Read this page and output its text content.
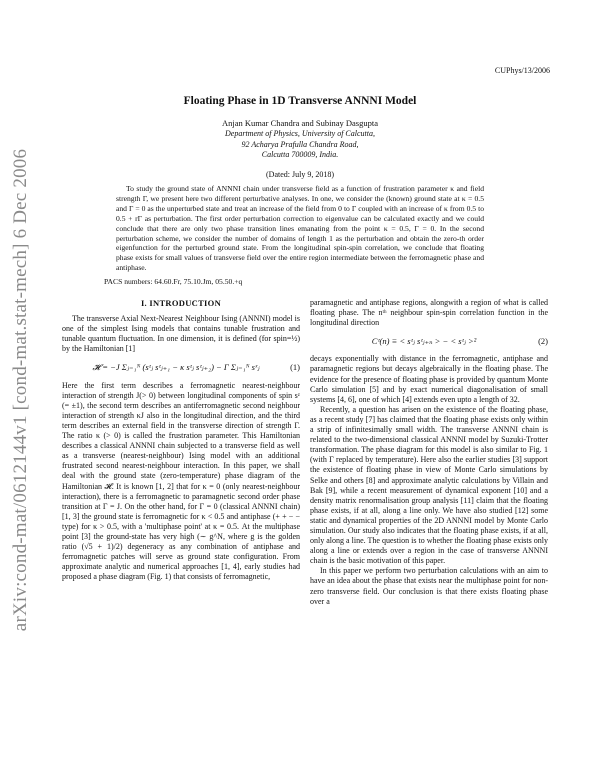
arXiv:cond-mat/0612144v1 [cond-mat.stat-mech] 6 Dec 2006
CUPhys/13/2006
Floating Phase in 1D Transverse ANNNI Model
Anjan Kumar Chandra and Subinay Dasgupta
Department of Physics, University of Calcutta,
92 Acharya Prafulla Chandra Road,
Calcutta 700009, India.
(Dated: July 9, 2018)

To study the ground state of ANNNI chain under transverse field as a function of frustration parameter κ and field strength Γ, we present here two different perturbative analyses. In one, we consider the (known) ground state at κ = 0.5 and Γ = 0 as the unperturbed state and treat an increase of the field from 0 to Γ coupled with an increase of κ from 0.5 to 0.5 + rΓ as perturbation. The first order perturbation correction to eigenvalue can be calculated exactly and we could conclude that there are only two phase transition lines emanating from the point κ = 0.5, Γ = 0. In the second perturbation scheme, we consider the number of domains of length 1 as the perturbation and obtain the zero-th order eigenfunction for the perturbed ground state. From the longitudinal spin-spin correlation, we conclude that floating phase exists for small values of transverse field over the entire region intermediate between the ferromagnetic phase and antiphase.

PACS numbers: 64.60.Fr, 75.10.Jm, 05.50.+q
I. INTRODUCTION

The transverse Axial Next-Nearest Neighbour Ising (ANNNI) model is one of the simplest Ising models that contains tunable frustration and tunable quantum fluctuation. In one dimension, it is defined (for spin=½) by the Hamiltonian [1]

𝓗 = −J Σⱼ₌₁ᴺ (sᶻⱼ sᶻⱼ₊₁ − κ sᶻⱼ sᶻⱼ₊₂) − Γ Σⱼ₌₁ᴺ sˣⱼ	(1)

Here the first term describes a ferromagnetic nearest-neighbour interaction of strength J(> 0) between longitudinal components of spin sᶻ (= ±1), the second term describes an antiferromagnetic second neighbour interaction of strength κJ also in the longitudinal direction, and the third term describes an external field in the transverse direction of strength Γ. The ratio κ (> 0) is called the frustration parameter. This Hamiltonian describes a classical ANNNI chain subjected to a transverse field as well as a transverse (nearest-neighbour) Ising model with an additional frustrated second nearest-neighbour interaction. In this paper, we shall deal with the ground state (zero-temperature) phase diagram of the Hamiltonian 𝓗. It is known [1, 2] that for κ = 0 (only nearest-neighbour interaction), there is a ferromagnetic to paramagnetic second order phase transition at Γ = J. On the other hand, for Γ = 0 (classical ANNNI chain) [1, 3] the ground state is ferromagnetic for κ < 0.5 and antiphase (+ + − − type) for κ > 0.5, with a 'multiphase point' at κ = 0.5. At the multiphase point [3] the ground-state has very high (∼ g^N, where g is the golden ratio (√5 + 1)/2) degeneracy as any combination of antiphase and ferromagnetic patches will serve as ground state configuration. From approximate analytic and numerical approaches [1, 4], early studies had proposed a phase diagram (Fig. 1) that consists of ferromagnetic,

paramagnetic and antiphase regions, alongwith a region of what is called floating phase. The nᵗʰ neighbour spin-spin correlation function in the longitudinal direction

Cᶻ(n) ≡ < sᶻⱼ sᶻⱼ₊ₙ > − < sᶻⱼ >²	(2)

decays exponentially with distance in the ferromagnetic, antiphase and paramagnetic regions but decays algebraically in the floating phase. The evidence for the presence of floating phase is provided by quantum Monte Carlo simulation [5] and by exact numerical diagonalisation of small systems [4, 6], one of which [4] extends even upto a length of 32.

Recently, a question has arisen on the existence of the floating phase, as a recent study [7] has claimed that the floating phase exists only within a strip of infinitesimally small width. The transverse ANNNI chain is related to the two-dimensional classical ANNNI model by Suzuki-Trotter transformation. The phase diagram for this model is also similar to Fig. 1 (with Γ replaced by temperature). Here also the earlier studies [3] support the existence of floating phase in view of Monte Carlo simulations by Selke and others [8] and approximate analytic calculations by Villain and Bak [9], while a recent measurement of dynamical exponent [10] and a density matrix renormalisation group analysis [11] claim that the floating phase exists, if at all, along a line only. We have also studied [12] some static and dynamical properties of the 2D ANNNI model by Monte Carlo simulation. Our study also indicates that the floating phase exists, if at all, only along a line. The question is to whether the floating phase exists only along a line or extends over a region in the case of transverse ANNNI chain is the basic motivation of this paper.

In this paper we perform two perturbation calculations with an aim to have an idea about the phase that exists near the multiphase point for non-zero transverse field. Our conclusion is that there exists floating phase over a
